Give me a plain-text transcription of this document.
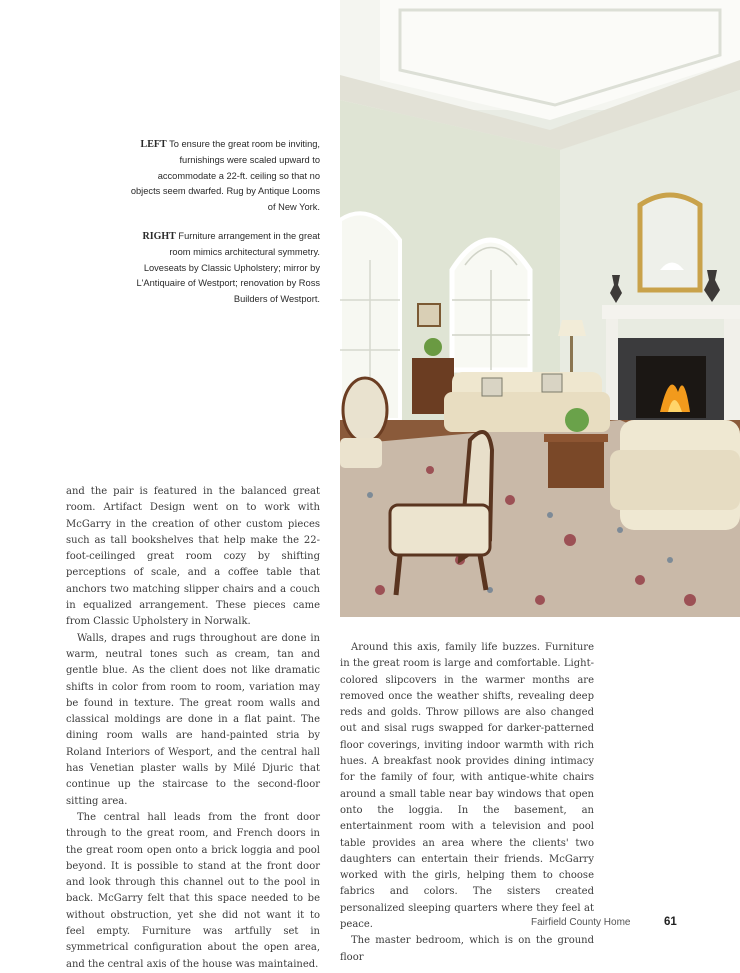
LEFT To ensure the great room be inviting, furnishings were scaled upward to accommodate a 22-ft. ceiling so that no objects seem dwarfed. Rug by Antique Looms of New York.

RIGHT Furniture arrangement in the great room mimics architectural symmetry. Loveseats by Classic Upholstery; mirror by L'Antiquaire of Westport; renovation by Ross Builders of Westport.

and the pair is featured in the balanced great room. Artifact Design went on to work with McGarry in the creation of other custom pieces such as tall bookshelves that help make the 22-foot-ceilinged great room cozy by shifting perceptions of scale, and a coffee table that anchors two matching slipper chairs and a couch in equalized arrangement. These pieces came from Classic Upholstery in Norwalk.

Walls, drapes and rugs throughout are done in warm, neutral tones such as cream, tan and gentle blue. As the client does not like dramatic shifts in color from room to room, variation may be found in texture. The great room walls and classical moldings are done in a flat paint. The dining room walls are hand-painted stria by Roland Interiors of Wesport, and the central hall has Venetian plaster walls by Milé Djuric that continue up the staircase to the second-floor sitting area.

The central hall leads from the front door through to the great room, and French doors in the great room open onto a brick loggia and pool beyond. It is possible to stand at the front door and look through this channel out to the pool in back. McGarry felt that this space needed to be without obstruction, yet she did not want it to feel empty. Furniture was artfully set in symmetrical configuration about the open area, and the central axis of the house was maintained.

Around this axis, family life buzzes. Furniture in the great room is large and comfortable. Light-colored slipcovers in the warmer months are removed once the weather shifts, revealing deep reds and golds. Throw pillows are also changed out and sisal rugs swapped for darker-patterned floor coverings, inviting indoor warmth with rich hues. A breakfast nook provides dining intimacy for the family of four, with antique-white chairs around a small table near bay windows that open onto the loggia. In the basement, an entertainment room with a television and pool table provides an area where the clients' two daughters can entertain their friends. McGarry worked with the girls, helping them to choose fabrics and colors. The sisters created personalized sleeping quarters where they feel at peace.

The master bedroom, which is on the ground floor

Fairfield County Home	61
